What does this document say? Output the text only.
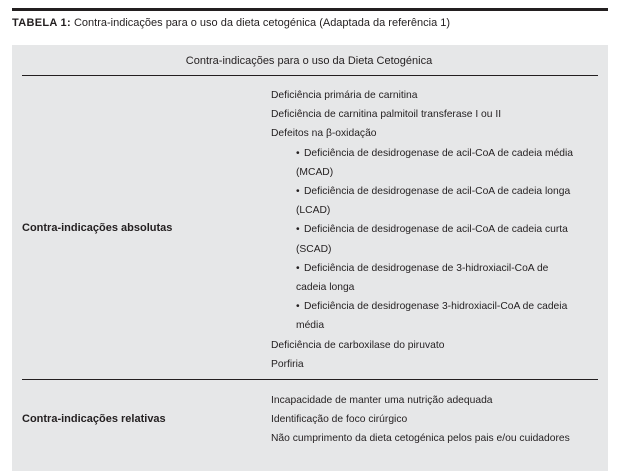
TABELA 1: Contra-indicações para o uso da dieta cetogénica (Adaptada da referência 1)
Contra-indicações para o uso da Dieta Cetogénica
Contra-indicações absolutas
Deficiência primária de carnitina
Deficiência de carnitina palmitoil transferase I ou II
Defeitos na β-oxidação
• Deficiência de desidrogenase de acil-CoA de cadeia média
(MCAD)
• Deficiência de desidrogenase de acil-CoA de cadeia longa
(LCAD)
• Deficiência de desidrogenase de acil-CoA de cadeia curta
(SCAD)
• Deficiência de desidrogenase de 3-hidroxiacil-CoA de
cadeia longa
• Deficiência de desidrogenase 3-hidroxiacil-CoA de cadeia
média
Deficiência de carboxilase do piruvato
Porfiria
Contra-indicações relativas
Incapacidade de manter uma nutrição adequada
Identificação de foco cirúrgico
Não cumprimento da dieta cetogénica pelos pais e/ou cuidadores
